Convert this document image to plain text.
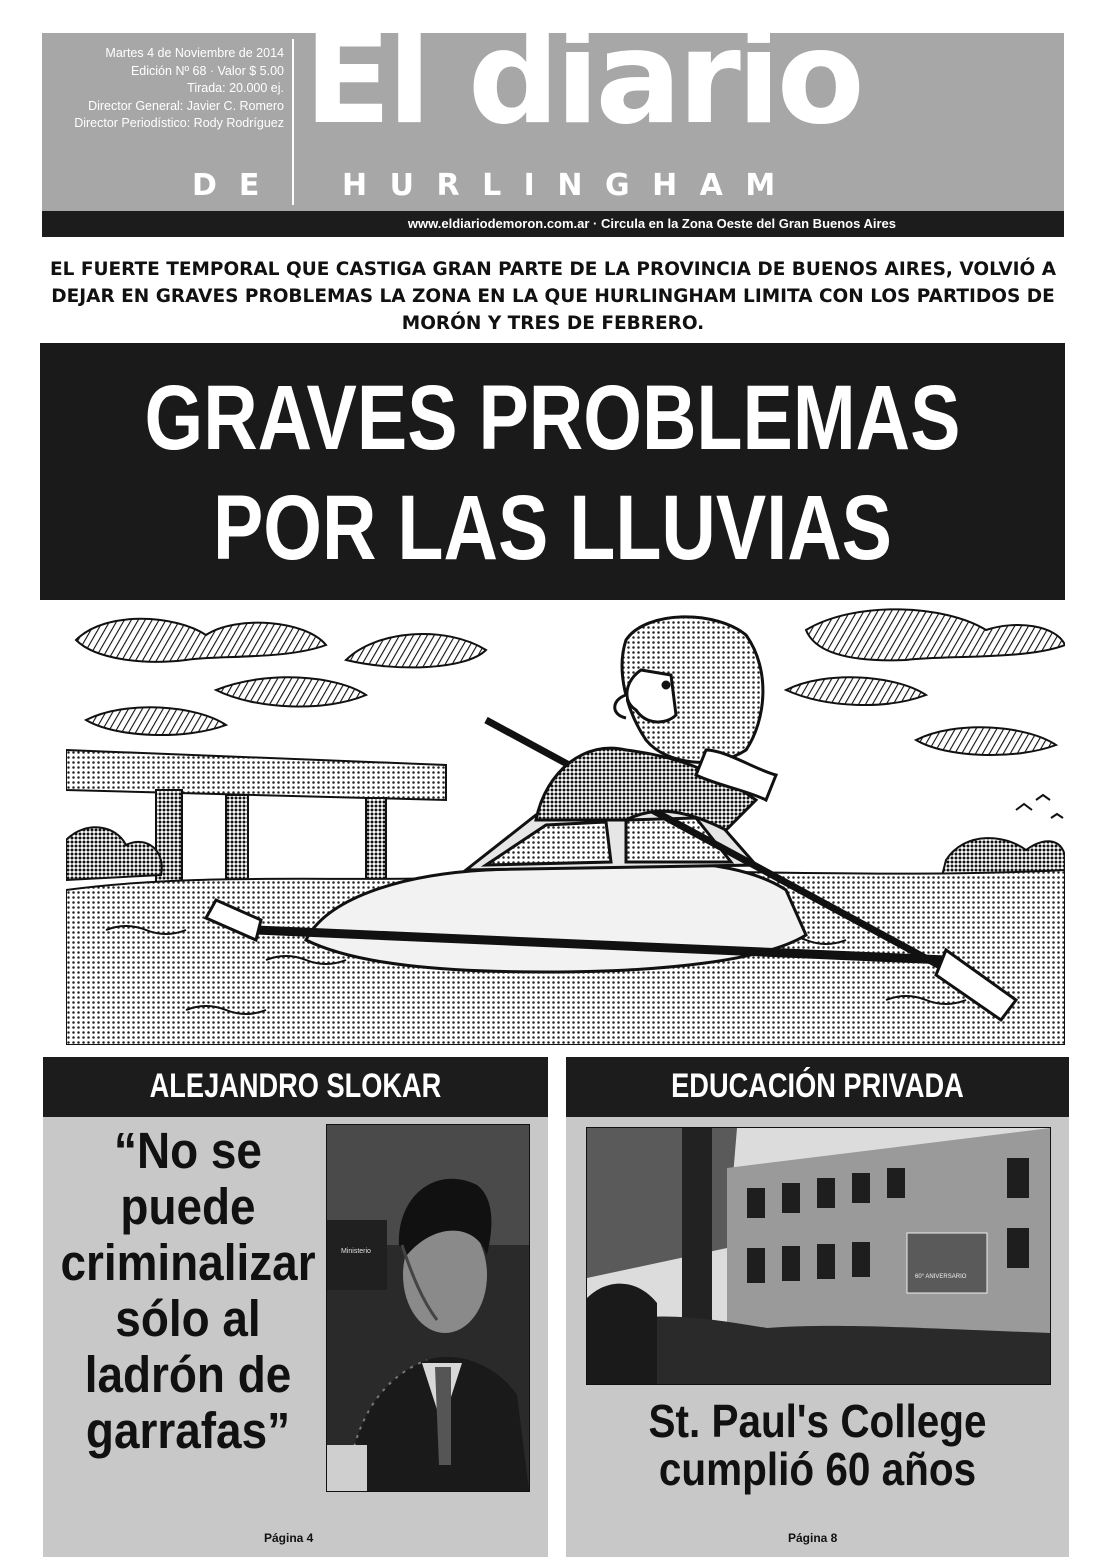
Martes 4 de Noviembre de 2014
Edición Nº 68 · Valor $ 5.00
Tirada: 20.000 ej.
Director General: Javier C. Romero
Director Periodístico: Rody Rodríguez El diario
DE HURLINGHAM
www.eldiariodemoron.com.ar · Circula en la Zona Oeste del Gran Buenos Aires
EL FUERTE TEMPORAL QUE CASTIGA GRAN PARTE DE LA PROVINCIA DE BUENOS AIRES, VOLVIÓ A DEJAR EN GRAVES PROBLEMAS LA ZONA EN LA QUE HURLINGHAM LIMITA CON LOS PARTIDOS DE MORÓN Y TRES DE FEBRERO.
GRAVES PROBLEMAS
POR LAS LLUVIAS
ALEJANDRO SLOKAR
“No se puede criminalizar sólo al ladrón de garrafas”
Ministerio
Página 4
EDUCACIÓN PRIVADA
60° ANIVERSARIO
St. Paul's College cumplió 60 años
Página 8
